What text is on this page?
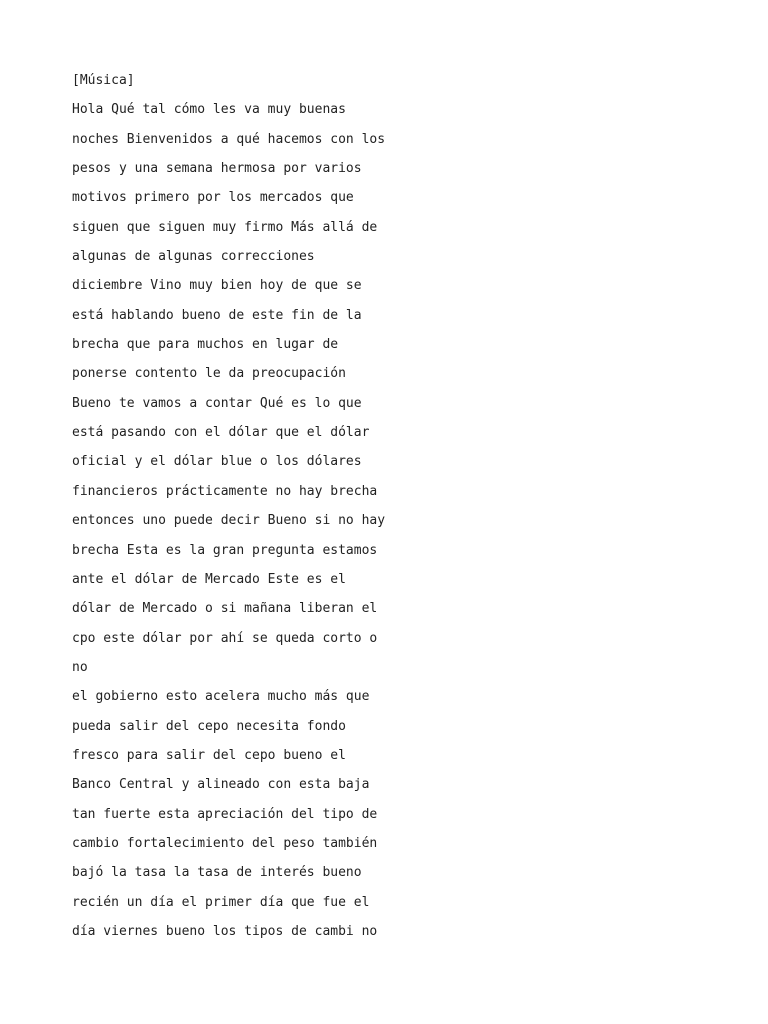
[Música]
Hola Qué tal cómo les va muy buenas
noches Bienvenidos a qué hacemos con los
pesos y una semana hermosa por varios
motivos primero por los mercados que
siguen que siguen muy firmo Más allá de
algunas de algunas correcciones
diciembre Vino muy bien hoy de que se
está hablando bueno de este fin de la
brecha que para muchos en lugar de
ponerse contento le da preocupación
Bueno te vamos a contar Qué es lo que
está pasando con el dólar que el dólar
oficial y el dólar blue o los dólares
financieros prácticamente no hay brecha
entonces uno puede decir Bueno si no hay
brecha Esta es la gran pregunta estamos
ante el dólar de Mercado Este es el
dólar de Mercado o si mañana liberan el
cpo este dólar por ahí se queda corto o
no
el gobierno esto acelera mucho más que
pueda salir del cepo necesita fondo
fresco para salir del cepo bueno el
Banco Central y alineado con esta baja
tan fuerte esta apreciación del tipo de
cambio fortalecimiento del peso también
bajó la tasa la tasa de interés bueno
recién un día el primer día que fue el
día viernes bueno los tipos de cambi no
